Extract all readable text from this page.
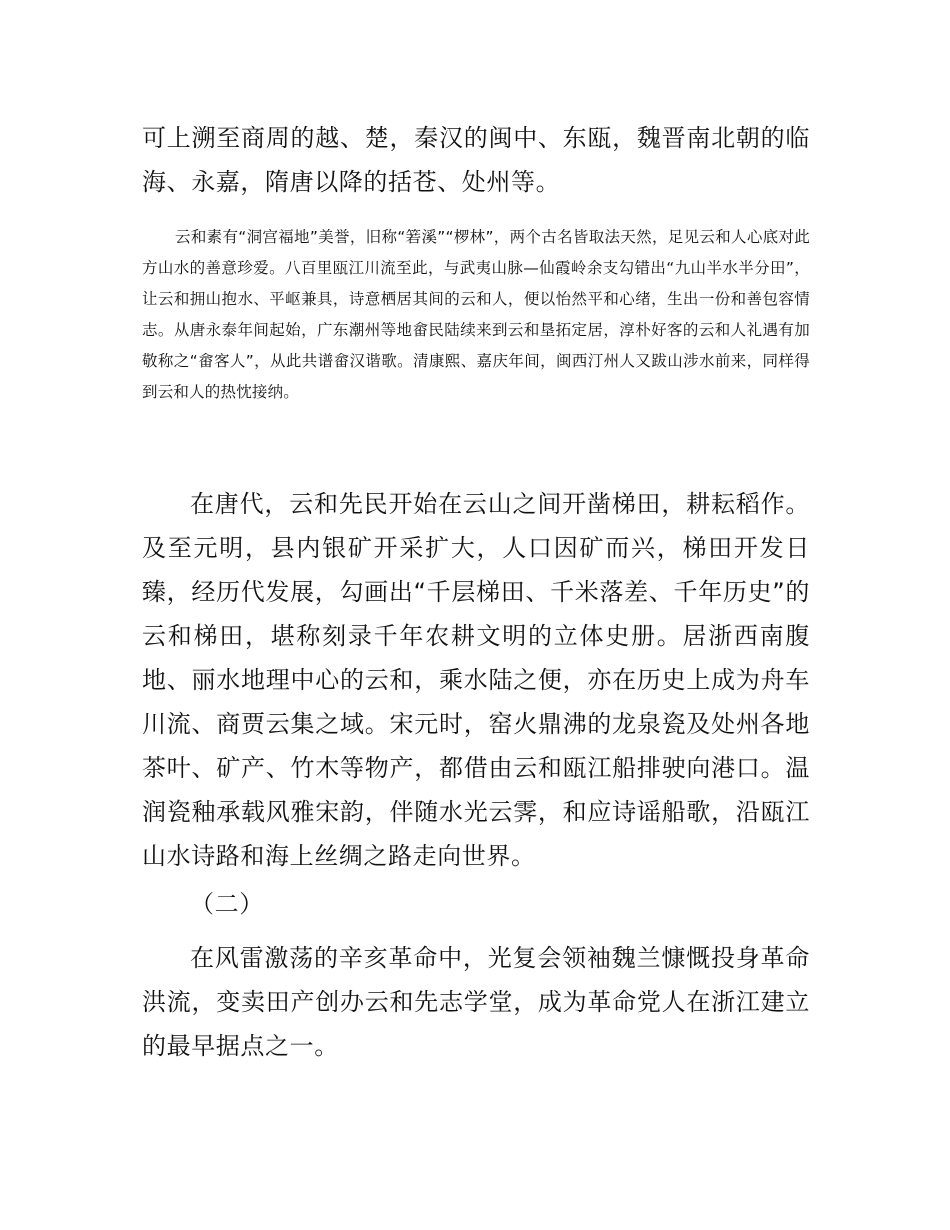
可上溯至商周的越、楚，秦汉的闽中、东瓯，魏晋南北朝的临海、永嘉，隋唐以降的括苍、处州等。

云和素有“洞宫福地”美誉，旧称“箬溪”“椤林”，两个古名皆取法天然，足见云和人心底对此方山水的善意珍爱。八百里瓯江川流至此，与武夷山脉—仙霞岭余支勾错出“九山半水半分田”，让云和拥山抱水、平岖兼具，诗意栖居其间的云和人，便以怡然平和心绪，生出一份和善包容情志。从唐永泰年间起始，广东潮州等地畲民陆续来到云和垦拓定居，淳朴好客的云和人礼遇有加敬称之“畲客人”，从此共谱畲汉谐歌。清康熙、嘉庆年间，闽西汀州人又跋山涉水前来，同样得到云和人的热忱接纳。

在唐代，云和先民开始在云山之间开凿梯田，耕耘稻作。及至元明，县内银矿开采扩大，人口因矿而兴，梯田开发日臻，经历代发展，勾画出“千层梯田、千米落差、千年历史”的云和梯田，堪称刻录千年农耕文明的立体史册。居浙西南腹地、丽水地理中心的云和，乘水陆之便，亦在历史上成为舟车川流、商贾云集之域。宋元时，窑火鼎沸的龙泉瓷及处州各地茶叶、矿产、竹木等物产，都借由云和瓯江船排驶向港口。温润瓷釉承载风雅宋韵，伴随水光云霁，和应诗谣船歌，沿瓯江山水诗路和海上丝绸之路走向世界。

（二）

在风雷激荡的辛亥革命中，光复会领袖魏兰慷慨投身革命洪流，变卖田产创办云和先志学堂，成为革命党人在浙江建立的最早据点之一。
